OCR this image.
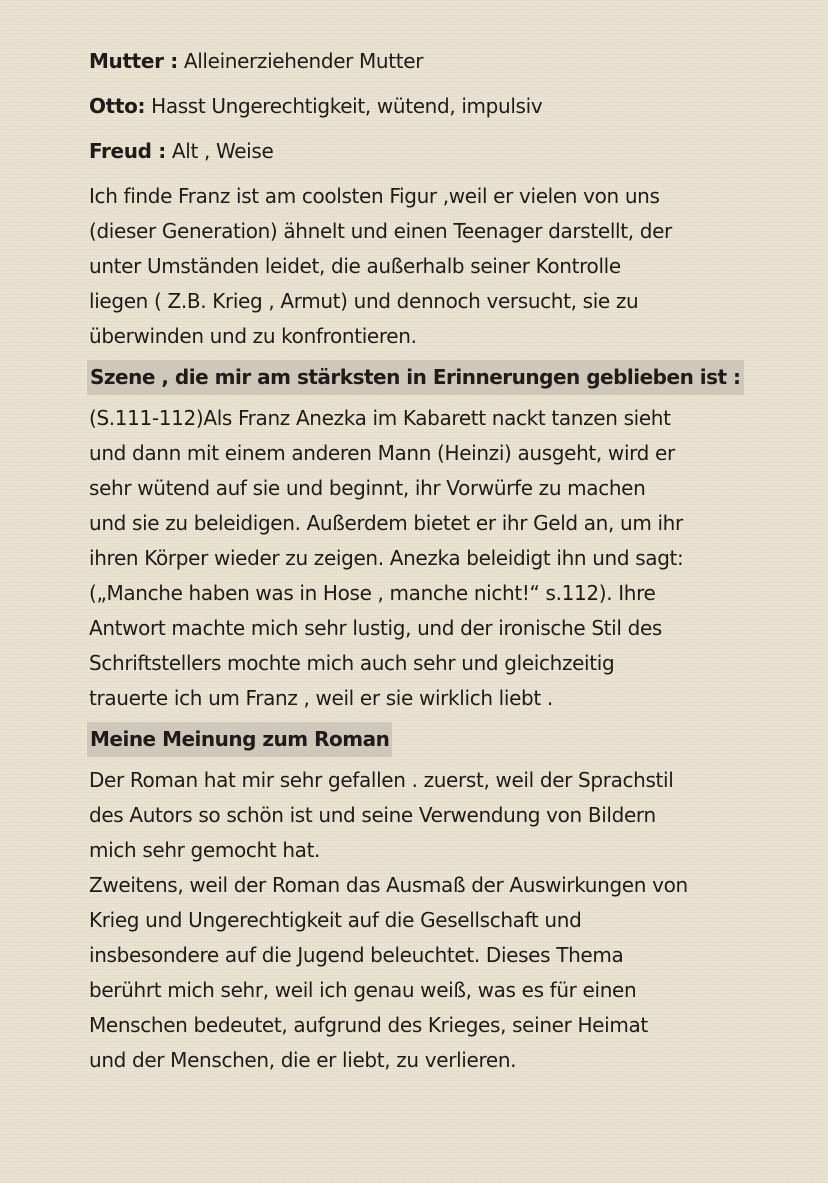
Mutter : Alleinerziehender Mutter
Otto: Hasst Ungerechtigkeit, wütend, impulsiv
Freud : Alt , Weise
Ich finde Franz ist am coolsten Figur ,weil er vielen von uns
(dieser Generation) ähnelt und einen Teenager darstellt, der
unter Umständen leidet, die außerhalb seiner Kontrolle
liegen ( Z.B. Krieg , Armut) und dennoch versucht, sie zu
überwinden und zu konfrontieren.
Szene , die mir am stärksten in Erinnerungen geblieben ist :
(S.111-112)Als Franz Anezka im Kabarett nackt tanzen sieht
und dann mit einem anderen Mann (Heinzi) ausgeht, wird er
sehr wütend auf sie und beginnt, ihr Vorwürfe zu machen
und sie zu beleidigen. Außerdem bietet er ihr Geld an, um ihr
ihren Körper wieder zu zeigen. Anezka beleidigt ihn und sagt:
(„Manche haben was in Hose , manche nicht!“ s.112). Ihre
Antwort machte mich sehr lustig, und der ironische Stil des
Schriftstellers mochte mich auch sehr und gleichzeitig
trauerte ich um Franz , weil er sie wirklich liebt .
Meine Meinung zum Roman
Der Roman hat mir sehr gefallen . zuerst, weil der Sprachstil
des Autors so schön ist und seine Verwendung von Bildern
mich sehr gemocht hat.
Zweitens, weil der Roman das Ausmaß der Auswirkungen von
Krieg und Ungerechtigkeit auf die Gesellschaft und
insbesondere auf die Jugend beleuchtet. Dieses Thema
berührt mich sehr, weil ich genau weiß, was es für einen
Menschen bedeutet, aufgrund des Krieges, seiner Heimat
und der Menschen, die er liebt, zu verlieren.
